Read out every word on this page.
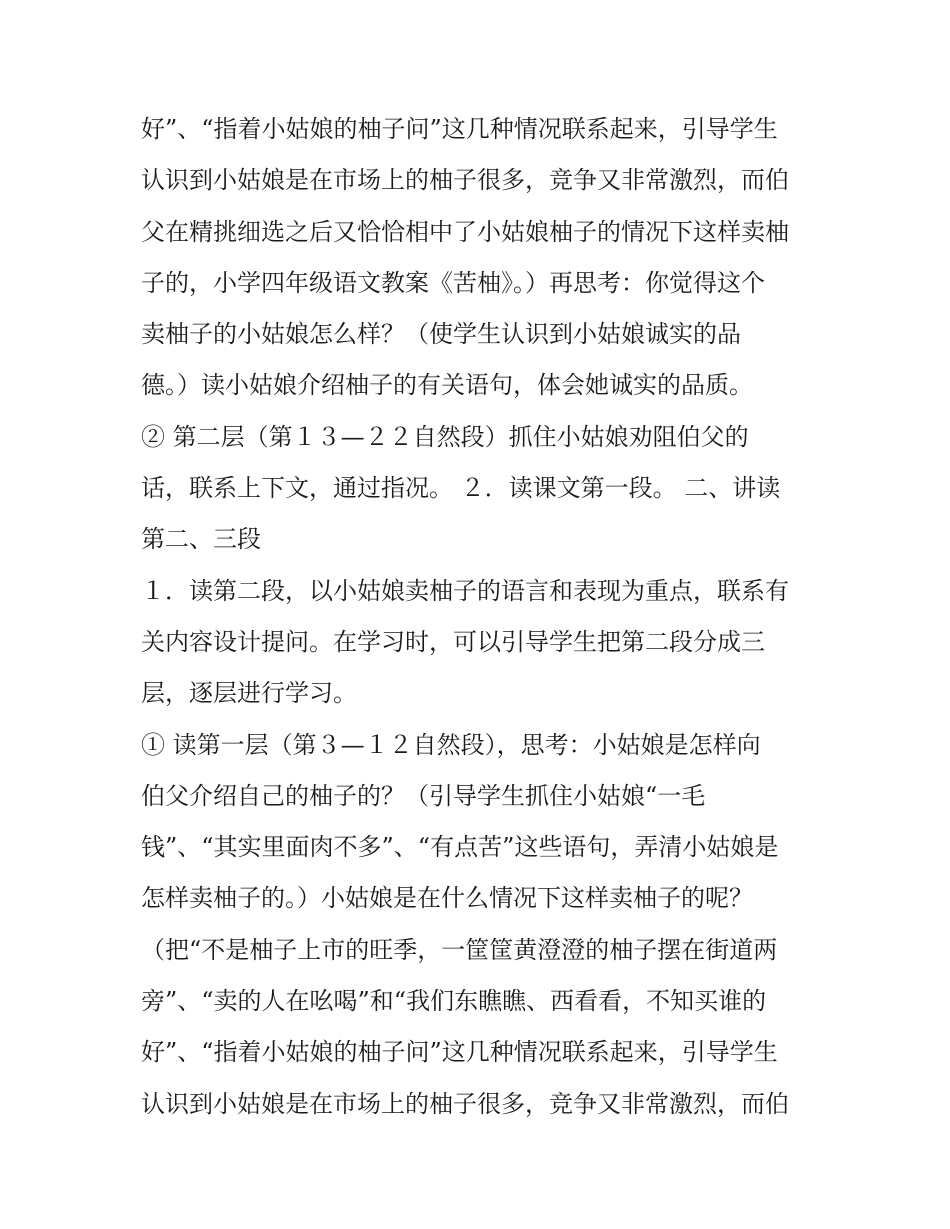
好”、“指着小姑娘的柚子问”这几种情况联系起来，引导学生
认识到小姑娘是在市场上的柚子很多，竞争又非常激烈，而伯
父在精挑细选之后又恰恰相中了小姑娘柚子的情况下这样卖柚
子的，小学四年级语文教案《苦柚》。）再思考：你觉得这个
卖柚子的小姑娘怎么样？（使学生认识到小姑娘诚实的品
德。）读小姑娘介绍柚子的有关语句，体会她诚实的品质。
② 第二层（第１３—２２自然段）抓住小姑娘劝阻伯父的
话，联系上下文，通过指况。 ２．读课文第一段。 二、讲读
第二、三段
１．读第二段，以小姑娘卖柚子的语言和表现为重点，联系有
关内容设计提问。在学习时，可以引导学生把第二段分成三
层，逐层进行学习。
① 读第一层（第３—１２自然段），思考：小姑娘是怎样向
伯父介绍自己的柚子的？（引导学生抓住小姑娘“一毛
钱”、“其实里面肉不多”、“有点苦”这些语句，弄清小姑娘是
怎样卖柚子的。）小姑娘是在什么情况下这样卖柚子的呢？
（把“不是柚子上市的旺季，一筐筐黄澄澄的柚子摆在街道两
旁”、“卖的人在吆喝”和“我们东瞧瞧、西看看，不知买谁的
好”、“指着小姑娘的柚子问”这几种情况联系起来，引导学生
认识到小姑娘是在市场上的柚子很多，竞争又非常激烈，而伯
